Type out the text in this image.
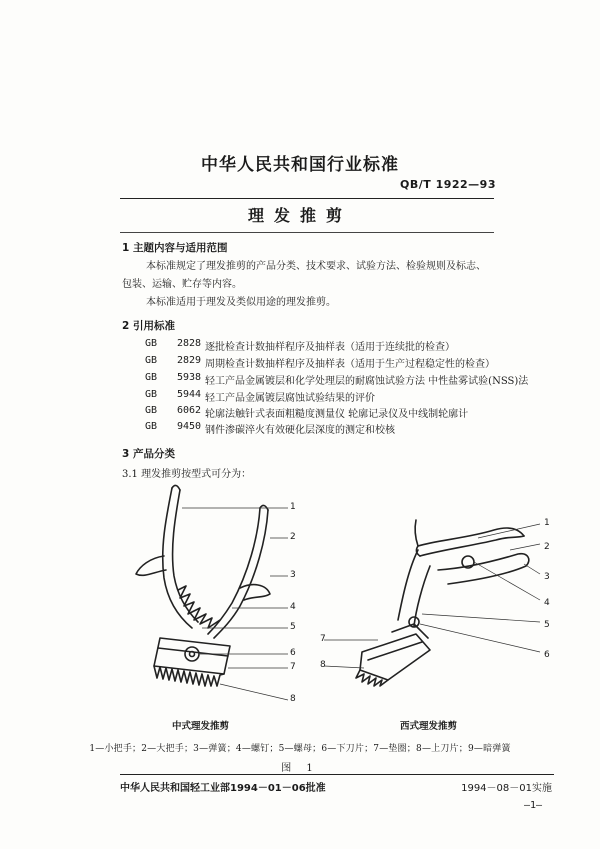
中华人民共和国行业标准
QB/T 1922—93
理发推剪
1 主题内容与适用范围
本标准规定了理发推剪的产品分类、技术要求、试验方法、检验规则及标志、包装、运输、贮存等内容。
本标准适用于理发及类似用途的理发推剪。
2 引用标准
GB	2828 逐批检查计数抽样程序及抽样表（适用于连续批的检查）
GB	2829 周期检查计数抽样程序及抽样表（适用于生产过程稳定性的检查）
GB	5938 轻工产品金属镀层和化学处理层的耐腐蚀试验方法 中性盐雾试验(NSS)法
GB	5944 轻工产品金属镀层腐蚀试验结果的评价
GB	6062 轮廓法触针式表面粗糙度测量仪 轮廓记录仪及中线制轮廓计
GB	9450 钢件渗碳淬火有效硬化层深度的测定和校核
3 产品分类
3.1 理发推剪按型式可分为：
1
2
3
4
5
6
7
8
1
2
3
4
5
6
7
8
中式理发推剪	西式理发推剪
1—小把手；2—大把手；3—弹簧；4—螺钉；5—螺母；6—下刀片；7—垫圈；8—上刀片；9—暗弹簧
图 1
中华人民共和国轻工业部1994－01－06批准	1994－08－01实施
—1—
